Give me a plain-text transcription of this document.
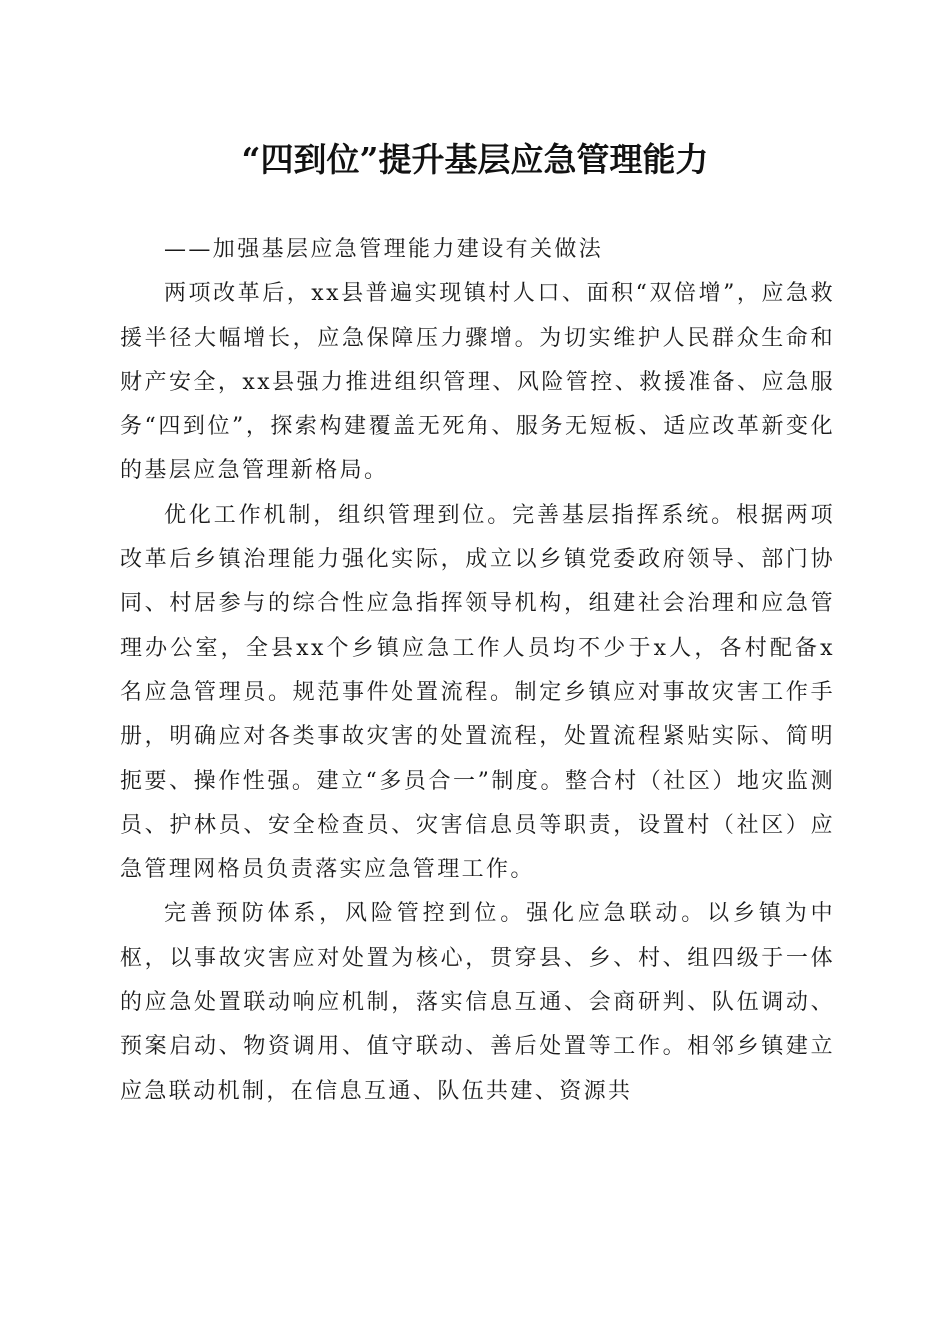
“四到位”提升基层应急管理能力

——加强基层应急管理能力建设有关做法

两项改革后，xx县普遍实现镇村人口、面积“双倍增”，应急救援半径大幅增长，应急保障压力骤增。为切实维护人民群众生命和财产安全，xx县强力推进组织管理、风险管控、救援准备、应急服务“四到位”，探索构建覆盖无死角、服务无短板、适应改革新变化的基层应急管理新格局。

优化工作机制，组织管理到位。完善基层指挥系统。根据两项改革后乡镇治理能力强化实际，成立以乡镇党委政府领导、部门协同、村居参与的综合性应急指挥领导机构，组建社会治理和应急管理办公室，全县xx个乡镇应急工作人员均不少于x人，各村配备x名应急管理员。规范事件处置流程。制定乡镇应对事故灾害工作手册，明确应对各类事故灾害的处置流程，处置流程紧贴实际、简明扼要、操作性强。建立“多员合一”制度。整合村（社区）地灾监测员、护林员、安全检查员、灾害信息员等职责，设置村（社区）应急管理网格员负责落实应急管理工作。

完善预防体系，风险管控到位。强化应急联动。以乡镇为中枢，以事故灾害应对处置为核心，贯穿县、乡、村、组四级于一体的应急处置联动响应机制，落实信息互通、会商研判、队伍调动、预案启动、物资调用、值守联动、善后处置等工作。相邻乡镇建立应急联动机制，在信息互通、队伍共建、资源共
